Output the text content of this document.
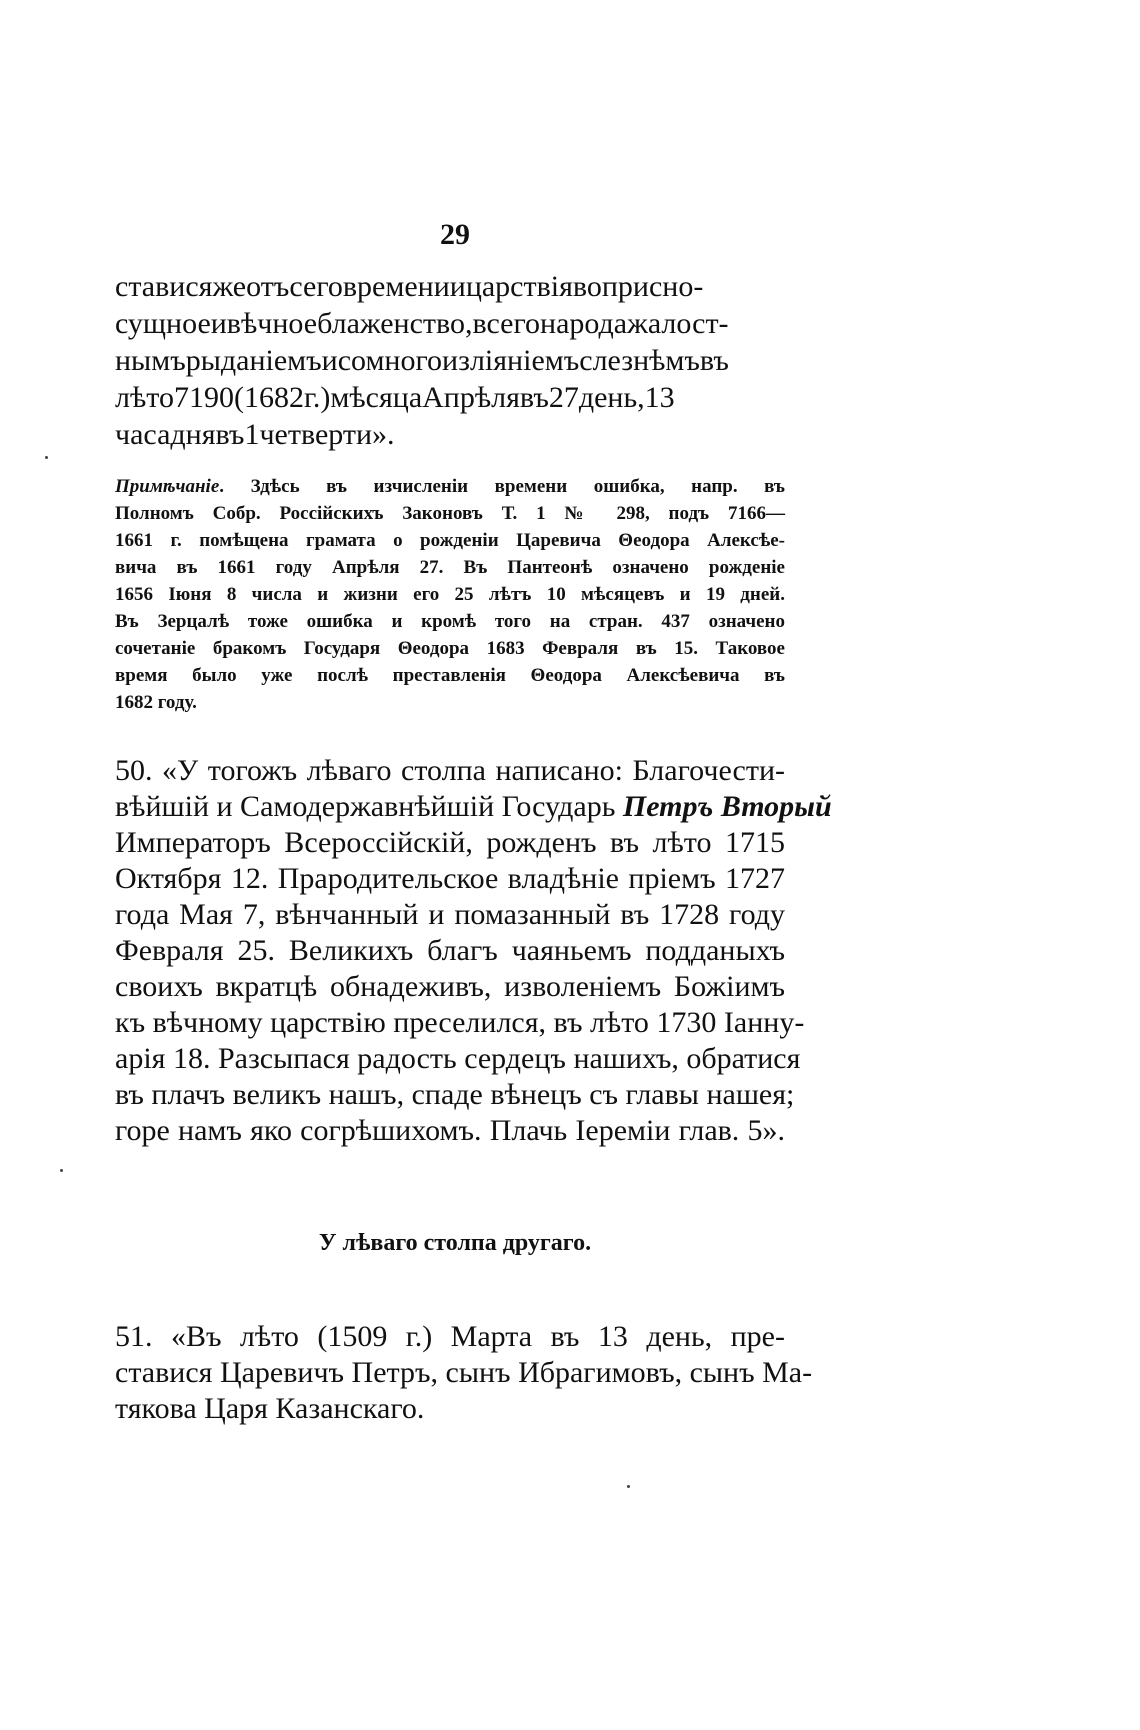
29
стависяжеотъсеговремениицарствіявоприсно-
сущноеивѣчноеблаженство,всегонародажалост-
нымърыданіемъисомногоизліяніемъслезнѣмъвъ
лѣто7190(1682г.)мѣсяцаАпрѣлявъ27день,13
часаднявъ1четверти».
Примѣчаніе. Здѣсь въ изчисленіи времени ошибка, напр. въ
Полномъ Собр. Россійскихъ Законовъ Т. 1 № 298, подъ 7166—
1661 г. помѣщена грамата о рожденіи Царевича Θеодора Алексѣе-
вича въ 1661 году Апрѣля 27. Въ Пантеонѣ означено рожденіе
1656 Іюня 8 числа и жизни его 25 лѣтъ 10 мѣсяцевъ и 19 дней.
Въ Зерцалѣ тоже ошибка и кромѣ того на стран. 437 означено
сочетаніе бракомъ Государя Θеодора 1683 Февраля въ 15. Таковое
время было уже послѣ преставленія Θеодора Алексѣевича въ
1682 году.
50. «У тогожъ лѣваго столпа написано: Благочести-
вѣйшій и Самодержавнѣйшій Государь Петръ Вторый
Императоръ Всероссійскій, рожденъ въ лѣто 1715
Октября 12. Прародительское владѣніе пріемъ 1727
года Мая 7, вѣнчанный и помазанный въ 1728 году
Февраля 25. Великихъ благъ чаяньемъ подданыхъ
своихъ вкратцѣ обнадеживъ, изволеніемъ Божіимъ
къ вѣчному царствію преселился, въ лѣто 1730 Іанну-
арія 18. Разсыпася радость сердецъ нашихъ, обратися
въ плачъ великъ нашъ, спаде вѣнецъ съ главы нашея;
горе намъ яко согрѣшихомъ. Плачь Іереміи глав. 5».
У лѣваго столпа другаго.
51. «Въ лѣто (1509 г.) Марта въ 13 день, пре-
ставися Царевичъ Петръ, сынъ Ибрагимовъ, сынъ Ма-
тякова Царя Казанскаго.
